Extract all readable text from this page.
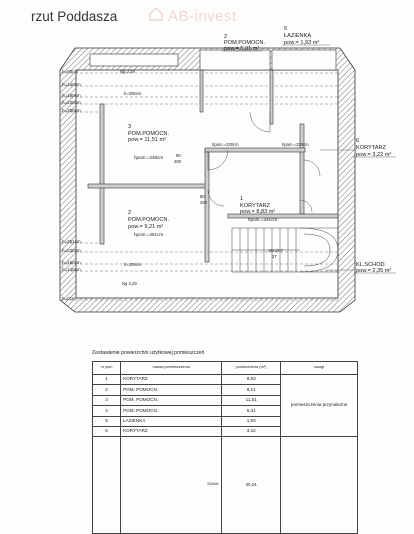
rzut Poddasza	AB-invest
h=90cm
h=140cm
h=190cm
h=230cm
h=260cm
h=251cm
h=230cm
h=190cm
h=140cm
h=0cm
2
POM.POMOCN.
pow.= 5,31 m²
5
ŁAZIENKA
pow.= 1,93 m²
3
POM.POMOCN.
pow.= 11,51 m²
hpom.=248cm
6
KORYTARZ
pow.= 3,22 m²
1
KORYTARZ
pow.= 8,83 m²
hpom.=241cm
2
POM.POMOCN.
pow.= 9,21 m²
hpom.=251cm
KL.SCHOD.
pow.= 2,35 m²
h=205cm
h=205cm
hpom.=230cm	hpom.=230cm
Ng 3,29
Ng 3,29
90
200
80
200
19x16,7
27
Zestawienie powierzchni użytkowej pomieszczeń
nr pom	nazwa pomieszczenia	powierzchnia (m²)	uwagi
1	KORYTARZ	8,83	pomieszczenia przynależne
2	POM. POMOCN.	9,21	
3	POM. POMOCN.	11,51	
4	POM. POMOCN.	5,31	
5	ŁAZIENKA	1,93	
6	KORYTARZ	3,22	
	SUMA:	40,01	
